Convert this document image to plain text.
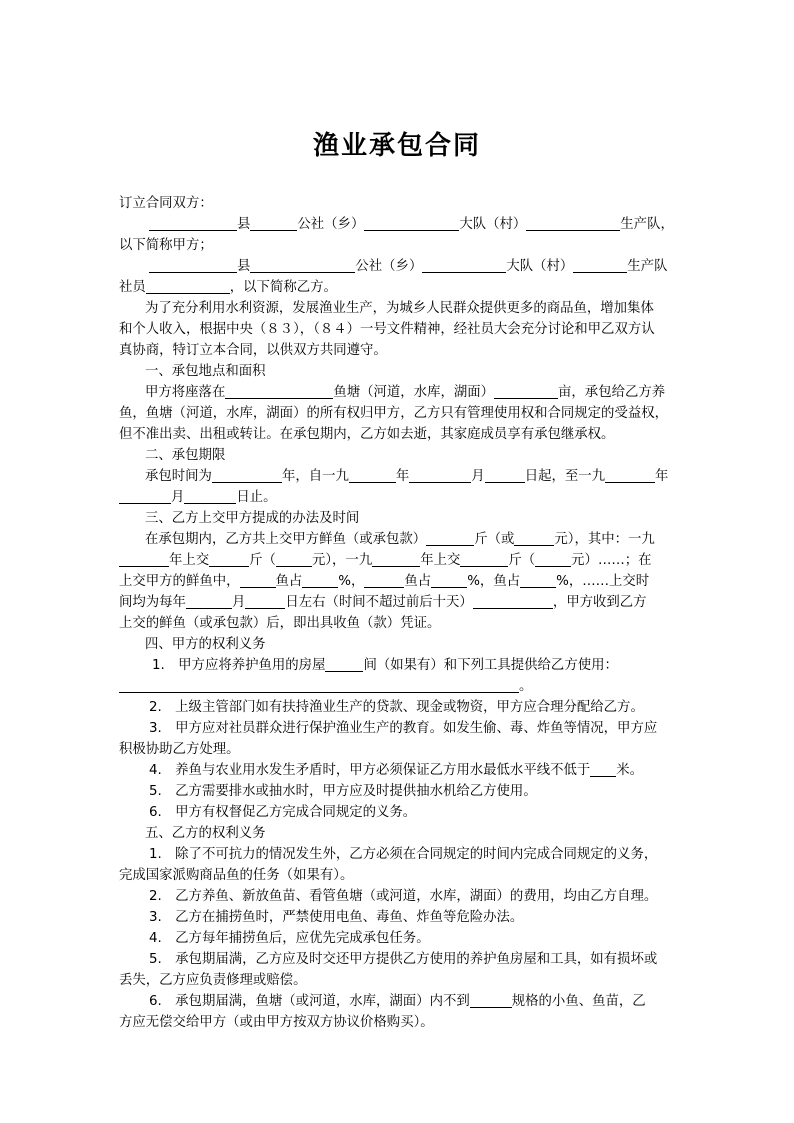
渔业承包合同
订立合同双方：
县	公社（乡）	大队（村）	生产队，
以下简称甲方；
县	公社（乡）	大队（村）	生产队
社员	，以下简称乙方。
为了充分利用水利资源，发展渔业生产，为城乡人民群众提供更多的商品鱼，增加集体
和个人收入，根据中央（８３），（８４）一号文件精神，经社员大会充分讨论和甲乙双方认
真协商，特订立本合同，以供双方共同遵守。
一、承包地点和面积
甲方将座落在	鱼塘（河道，水库，湖面）	亩，承包给乙方养
鱼，鱼塘（河道，水库，湖面）的所有权归甲方，乙方只有管理使用权和合同规定的受益权，
但不准出卖、出租或转让。在承包期内，乙方如去逝，其家庭成员享有承包继承权。
二、承包期限
承包时间为	年，自一九	年	月	日起，至一九	年
月	日止。
三、乙方上交甲方提成的办法及时间
在承包期内，乙方共上交甲方鲜鱼（或承包款）	斤（或	元），其中：一九
年上交	斤（	元），一九	年上交	斤（	元）……；在
上交甲方的鲜鱼中，	鱼占	%，	鱼占	%，鱼占	%，……上交时
间均为每年	月	日左右（时间不超过前后十天）	，甲方收到乙方
上交的鲜鱼（或承包款）后，即出具收鱼（款）凭证。
四、甲方的权利义务
1.　甲方应将养护鱼用的房屋	间（如果有）和下列工具提供给乙方使用：
。
2.　上级主管部门如有扶持渔业生产的贷款、现金或物资，甲方应合理分配给乙方。
3.　甲方应对社员群众进行保护渔业生产的教育。如发生偷、毒、炸鱼等情况，甲方应
积极协助乙方处理。
4.　养鱼与农业用水发生矛盾时，甲方必须保证乙方用水最低水平线不低于 米。
5.　乙方需要排水或抽水时，甲方应及时提供抽水机给乙方使用。
6.　甲方有权督促乙方完成合同规定的义务。
五、乙方的权利义务
1.　除了不可抗力的情况发生外，乙方必须在合同规定的时间内完成合同规定的义务，
完成国家派购商品鱼的任务（如果有）。
2.　乙方养鱼、新放鱼苗、看管鱼塘（或河道，水库，湖面）的费用，均由乙方自理。
3.　乙方在捕捞鱼时，严禁使用电鱼、毒鱼、炸鱼等危险办法。
4.　乙方每年捕捞鱼后，应优先完成承包任务。
5.　承包期届满，乙方应及时交还甲方提供乙方使用的养护鱼房屋和工具，如有损坏或
丢失，乙方应负责修理或赔偿。
6.　承包期届满，鱼塘（或河道，水库，湖面）内不到	规格的小鱼、鱼苗，乙
方应无偿交给甲方（或由甲方按双方协议价格购买）。
